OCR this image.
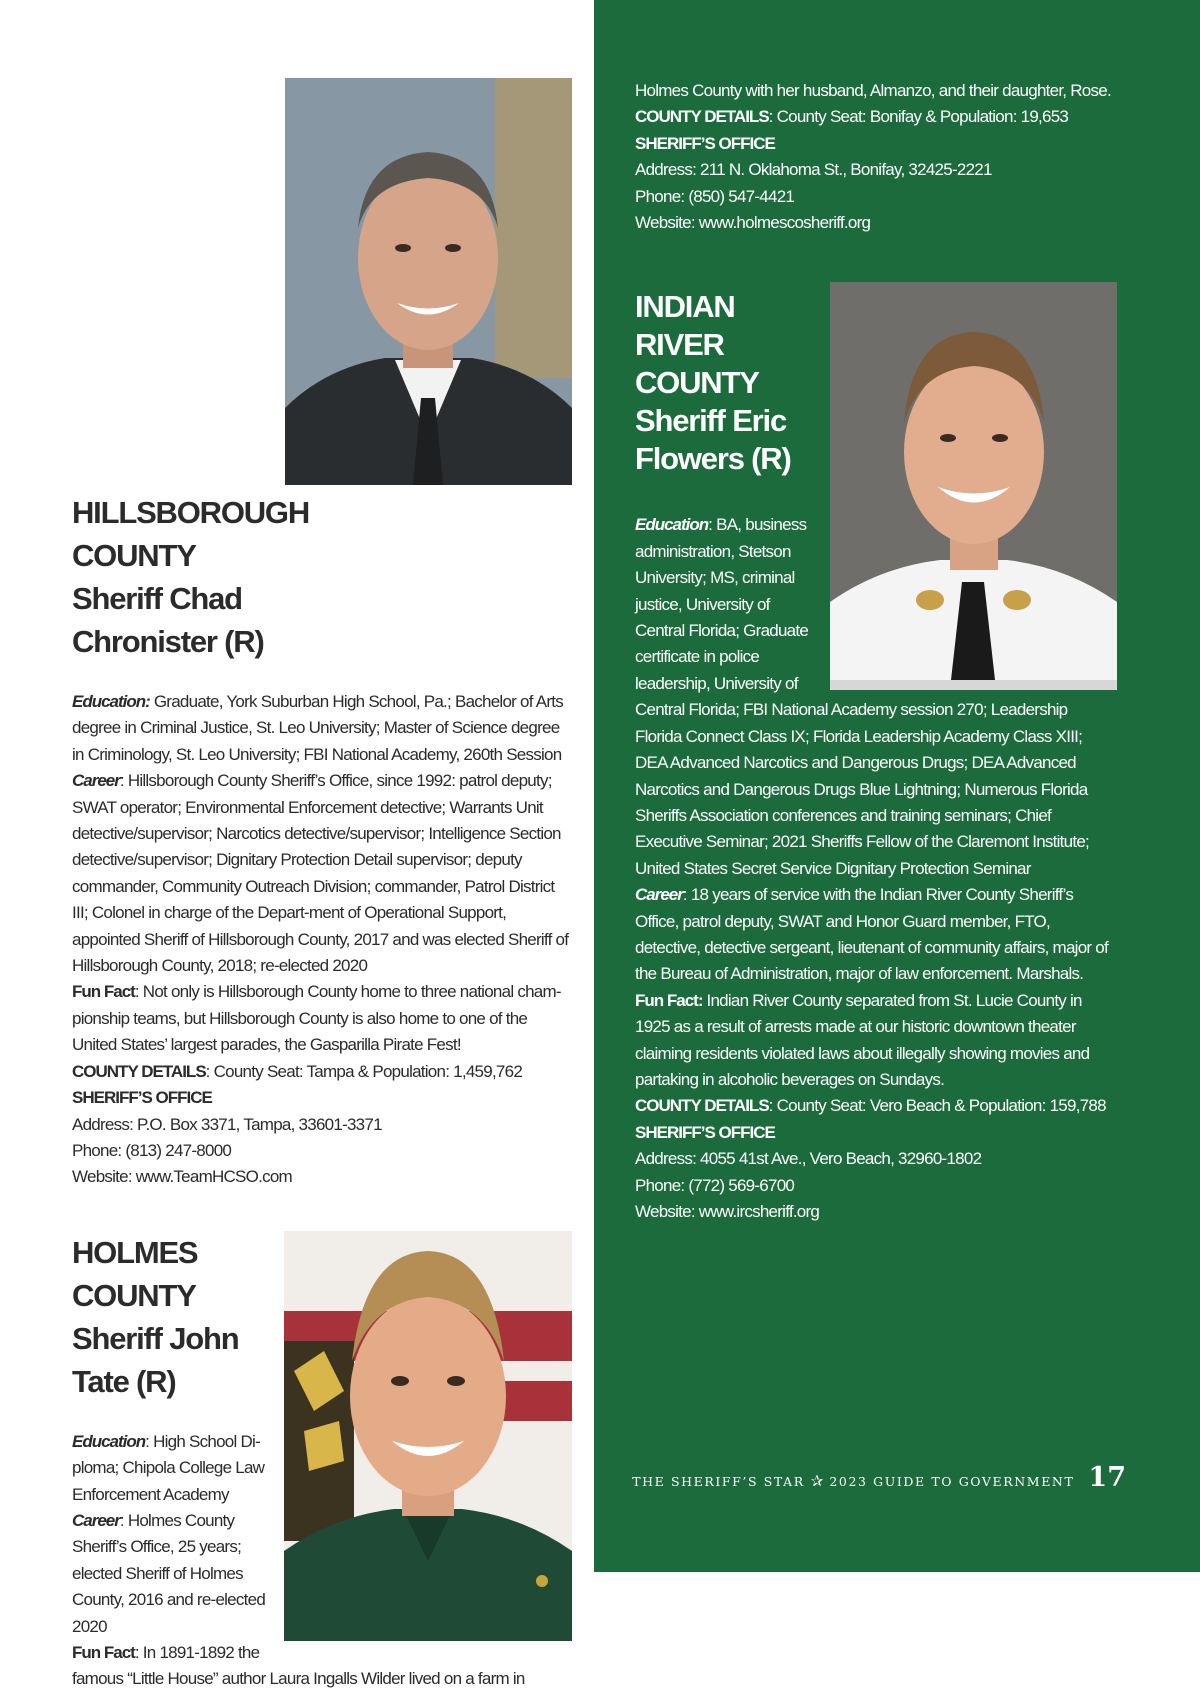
HILLSBOROUGH
COUNTY
Sheriff Chad
Chronister (R)

Education: Graduate, York Suburban High School, Pa.; Bachelor of Arts degree in Criminal Justice, St. Leo University; Master of Science degree in Criminology, St. Leo University; FBI National Academy, 260th Session

Career: Hillsborough County Sheriff’s Office, since 1992: patrol deputy; SWAT operator; Environmental Enforcement detective; Warrants Unit detective/supervisor; Narcotics detective/supervisor; Intelligence Section detective/supervisor; Dignitary Protection Detail supervisor; deputy commander, Community Outreach Division; commander, Patrol District III; Colonel in charge of the Depart-ment of Operational Support, appointed Sheriff of Hillsborough County, 2017 and was elected Sheriff of Hillsborough County, 2018; re-elected 2020

Fun Fact: Not only is Hillsborough County home to three national cham-pionship teams, but Hillsborough County is also home to one of the United States’ largest parades, the Gasparilla Pirate Fest!

COUNTY DETAILS: County Seat: Tampa & Population: 1,459,762

SHERIFF’S OFFICE

Address: P.O. Box 3371, Tampa, 33601-3371

Phone: (813) 247-8000

Website: www.TeamHCSO.com

HOLMES
COUNTY
Sheriff John
Tate (R)

Education: High School Di-ploma; Chipola College Law Enforcement Academy

Career: Holmes County Sheriff’s Office, 25 years; elected Sheriff of Holmes County, 2016 and re-elected 2020

Fun Fact: In 1891-1892 the famous “Little House” author Laura Ingalls Wilder lived on a farm in

Holmes County with her husband, Almanzo, and their daughter, Rose.

COUNTY DETAILS: County Seat: Bonifay & Population: 19,653

SHERIFF’S OFFICE

Address: 211 N. Oklahoma St., Bonifay, 32425-2221

Phone: (850) 547-4421

Website: www.holmescosheriff.org

INDIAN RIVER
COUNTY
Sheriff Eric
Flowers (R)

Education: BA, business administration, Stetson University; MS, criminal justice, University of Central Florida; Graduate certificate in police leadership, University of Central Florida; FBI National Academy session 270; Leadership Florida Connect Class IX; Florida Leadership Academy Class XIII; DEA Advanced Narcotics and Dangerous Drugs; DEA Advanced Narcotics and Dangerous Drugs Blue Lightning; Numerous Florida Sheriffs Association conferences and training seminars; Chief Executive Seminar; 2021 Sheriffs Fellow of the Claremont Institute; United States Secret Service Dignitary Protection Seminar

Career: 18 years of service with the Indian River County Sheriff’s Office, patrol deputy, SWAT and Honor Guard member, FTO, detective, detective sergeant, lieutenant of community affairs, major of the Bureau of Administration, major of law enforcement. Marshals.

Fun Fact: Indian River County separated from St. Lucie County in 1925 as a result of arrests made at our historic downtown theater claiming residents violated laws about illegally showing movies and partaking in alcoholic beverages on Sundays.

COUNTY DETAILS: County Seat: Vero Beach & Population: 159,788

SHERIFF’S OFFICE

Address: 4055 41st Ave., Vero Beach, 32960-1802

Phone: (772) 569-6700

Website: www.ircsheriff.org

THE SHERIFF’S STAR ✰ 2023 GUIDE TO GOVERNMENT 17
